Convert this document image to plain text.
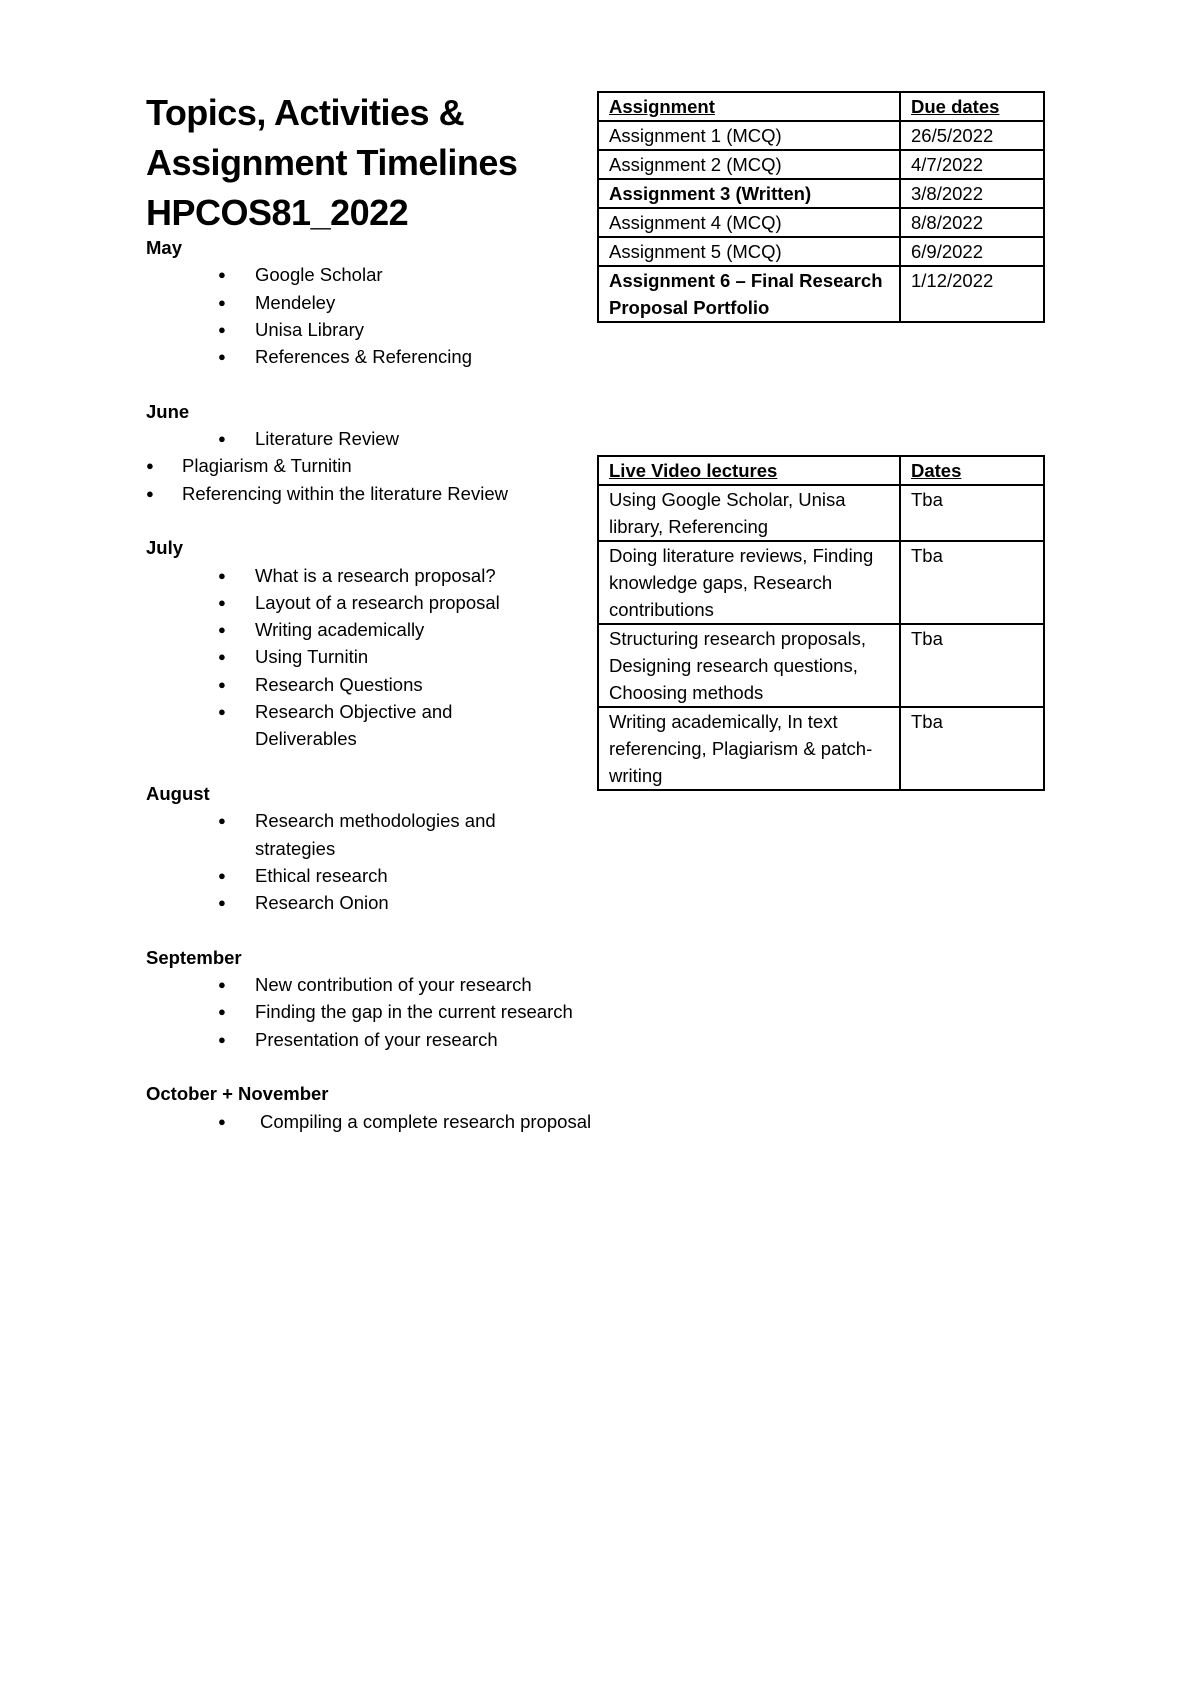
Topics, Activities &
Assignment Timelines
HPCOS81_2022
May
● Google Scholar
● Mendeley
● Unisa Library
● References & Referencing
June
● Literature Review
● Plagiarism & Turnitin
● Referencing within the literature Review
July
● What is a research proposal?
● Layout of a research proposal
● Writing academically
● Using Turnitin
● Research Questions
● Research Objective and Deliverables
August
● Research methodologies and strategies
● Ethical research
● Research Onion
September
● New contribution of your research
● Finding the gap in the current research
● Presentation of your research
October + November
● Compiling a complete research proposal
Assignment	Due dates
Assignment 1 (MCQ)	26/5/2022
Assignment 2 (MCQ)	4/7/2022
Assignment 3 (Written)	3/8/2022
Assignment 4 (MCQ)	8/8/2022
Assignment 5 (MCQ)	6/9/2022
Assignment 6 – Final Research Proposal Portfolio	1/12/2022
Live Video lectures	Dates
Using Google Scholar, Unisa library, Referencing	Tba
Doing literature reviews, Finding knowledge gaps, Research contributions	Tba
Structuring research proposals, Designing research questions, Choosing methods	Tba
Writing academically, In text referencing, Plagiarism & patch-writing	Tba
